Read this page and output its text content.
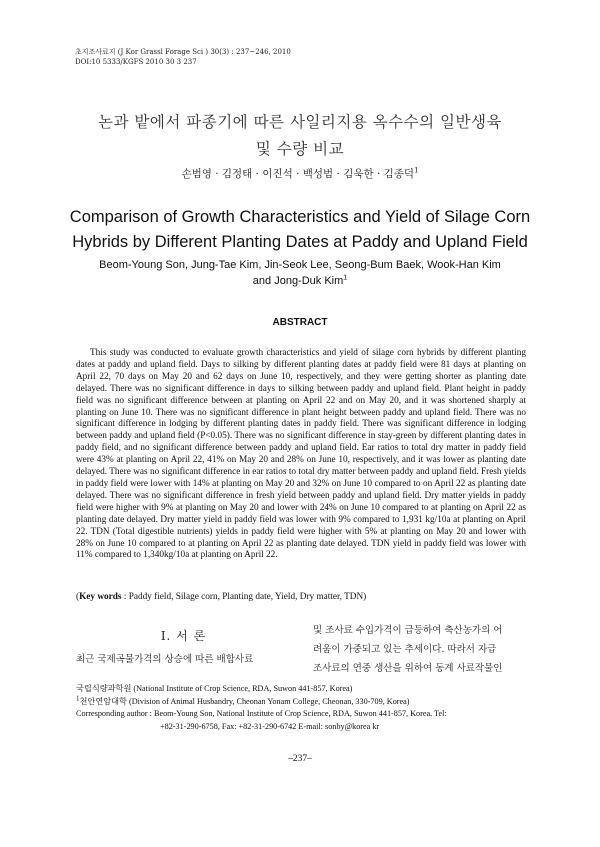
초지조사료지 (J Kor Grassl Forage Sci ) 30(3) : 237~246, 2010
DOI:10 5333/KGFS 2010 30 3 237
논과 밭에서 파종기에 따른 사일리지용 옥수수의 일반생육
및 수량 비교
손범영 · 김정태 · 이진석 · 백성범 · 김욱한 · 김종덕$^1$
Comparison of Growth Characteristics and Yield of Silage Corn
Hybrids by Different Planting Dates at Paddy and Upland Field
Beom-Young Son, Jung-Tae Kim, Jin-Seok Lee, Seong-Bum Baek, Wook-Han Kim
and Jong-Duk Kim$^1$
ABSTRACT
This study was conducted to evaluate growth characteristics and yield of silage corn hybrids by different planting dates at paddy and upland field. Days to silking by different planting dates at paddy field were 81 days at planting on April 22, 70 days on May 20 and 62 days on June 10, respectively, and they were getting shorter as planting date delayed. There was no significant difference in days to silking between paddy and upland field. Plant height in paddy field was no significant difference between at planting on April 22 and on May 20, and it was shortened sharply at planting on June 10. There was no significant difference in plant height between paddy and upland field. There was no significant difference in lodging by different planting dates in paddy field. There was significant difference in lodging between paddy and upland field (P<0.05). There was no significant difference in stay-green by different planting dates in paddy field, and no significant difference between paddy and upland field. Ear ratios to total dry matter in paddy field were 43% at planting on April 22, 41% on May 20 and 28% on June 10, respectively, and it was lower as planting date delayed. There was no significant difference in ear ratios to total dry matter between paddy and upland field. Fresh yields in paddy field were lower with 14% at planting on May 20 and 32% on June 10 compared to on April 22 as planting date delayed. There was no significant difference in fresh yield between paddy and upland field. Dry matter yields in paddy field were higher with 9% at planting on May 20 and lower with 24% on June 10 compared to at planting on April 22 as planting date delayed. Dry matter yield in paddy field was lower with 9% compared to 1,931 kg/10a at planting on April 22. TDN (Total digestible nutrients) yields in paddy field were higher with 5% at planting on May 20 and lower with 28% on June 10 compared to at planting on April 22 as planting date delayed. TDN yield in paddy field was lower with 11% compared to 1,340kg/10a at planting on April 22.
(Key words : Paddy field, Silage corn, Planting date, Yield, Dry matter, TDN)
Ⅰ. 서 론
최근 국제곡물가격의 상승에 따른 배합사료
및 조사료 수입가격이 급등하여 축산농가의 어
려움이 가중되고 있는 추세이다. 따라서 자급
조사료의 연중 생산을 위하여 동계 사료작물인
국립식량과학원 (National Institute of Crop Science, RDA, Suwon 441-857, Korea)
$^1$천안연암대학 (Division of Animal Husbandry, Cheonan Yonam College, Cheonan, 330-709, Korea)
Corresponding author : Beom-Young Son, National Institute of Crop Science, RDA, Suwon 441-857, Korea. Tel:
+82-31-290-6758, Fax: +82-31-290-6742 E-mail: sonby@korea kr
–237–
